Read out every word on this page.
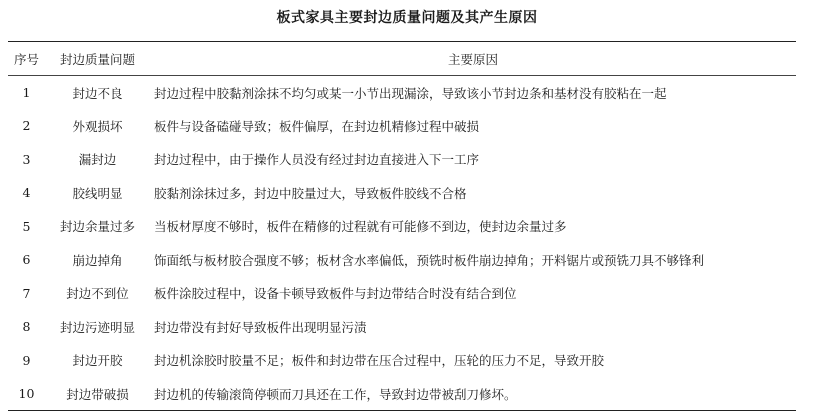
板式家具主要封边质量问题及其产生原因
序号	封边质量问题	主要原因
1	封边不良	封边过程中胶黏剂涂抹不均匀或某一小节出现漏涂，导致该小节封边条和基材没有胶粘在一起
2	外观损坏	板件与设备磕碰导致；板件偏厚，在封边机精修过程中破损
3	漏封边	封边过程中，由于操作人员没有经过封边直接进入下一工序
4	胶线明显	胶黏剂涂抹过多，封边中胶量过大，导致板件胶线不合格
5	封边余量过多	当板材厚度不够时，板件在精修的过程就有可能修不到边，使封边余量过多
6	崩边掉角	饰面纸与板材胶合强度不够；板材含水率偏低，预铣时板件崩边掉角；开料锯片或预铣刀具不够锋利
7	封边不到位	板件涂胶过程中，设备卡顿导致板件与封边带结合时没有结合到位
8	封边污迹明显	封边带没有封好导致板件出现明显污渍
9	封边开胶	封边机涂胶时胶量不足；板件和封边带在压合过程中，压轮的压力不足，导致开胶
10	封边带破损	封边机的传输滚筒停顿而刀具还在工作，导致封边带被刮刀修坏。
